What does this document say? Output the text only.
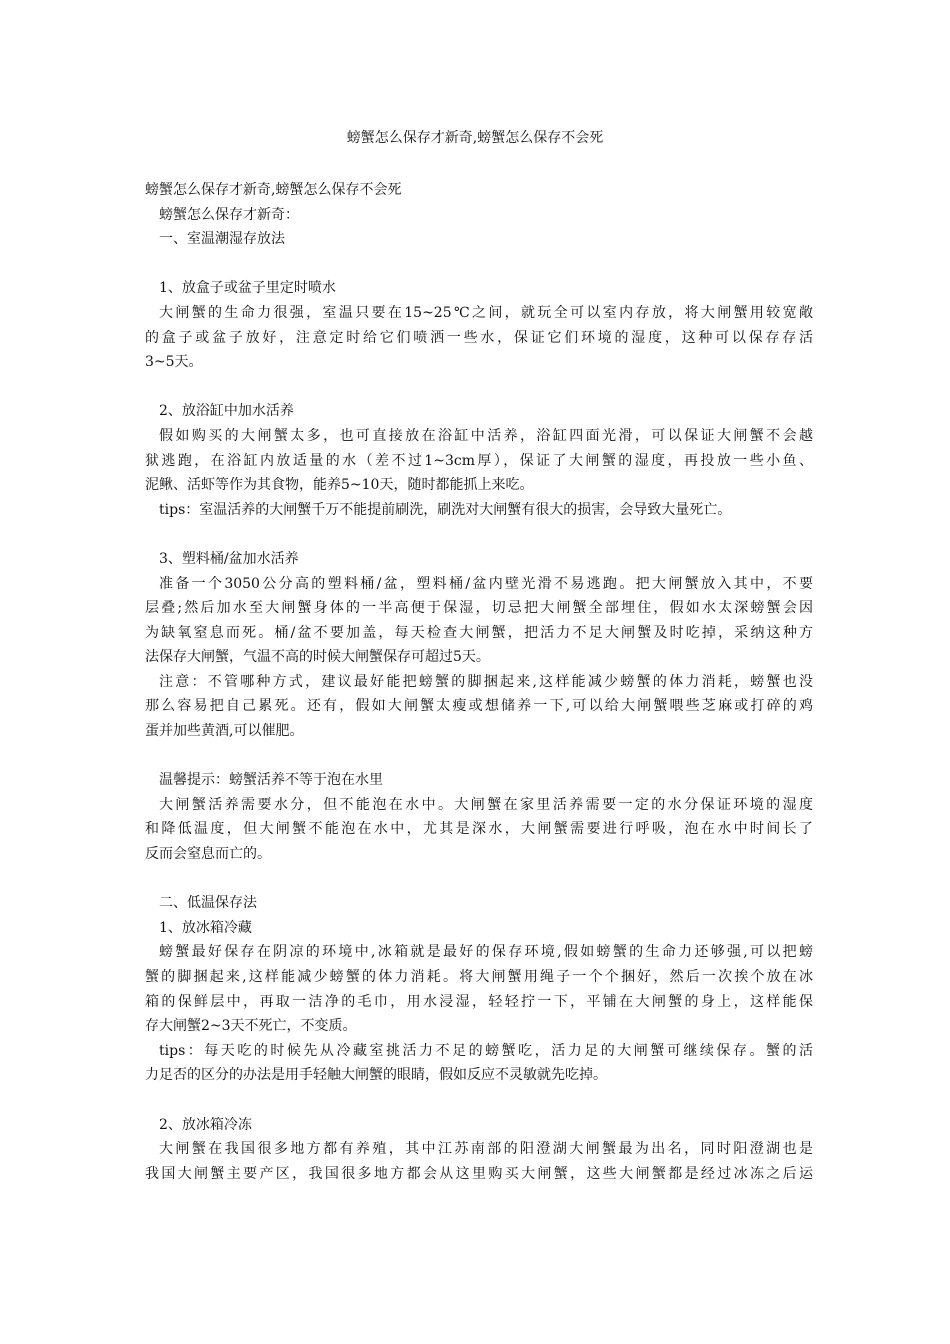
螃蟹怎么保存才新奇,螃蟹怎么保存不会死
螃蟹怎么保存才新奇,螃蟹怎么保存不会死
螃蟹怎么保存才新奇：
一、室温潮湿存放法
1、放盒子或盆子里定时喷水
大闸蟹的生命力很强，室温只要在15~25℃之间，就玩全可以室内存放，将大闸蟹用较宽敞
的盒子或盆子放好，注意定时给它们喷洒一些水，保证它们环境的湿度，这种可以保存存活
3~5天。
2、放浴缸中加水活养
假如购买的大闸蟹太多，也可直接放在浴缸中活养，浴缸四面光滑，可以保证大闸蟹不会越
狱逃跑，在浴缸内放适量的水（差不过1~3cm厚），保证了大闸蟹的湿度，再投放一些小鱼、
泥鳅、活虾等作为其食物，能养5~10天，随时都能抓上来吃。
tips：室温活养的大闸蟹千万不能提前刷洗，刷洗对大闸蟹有很大的损害，会导致大量死亡。
3、塑料桶/盆加水活养
准备一个3050公分高的塑料桶/盆，塑料桶/盆内壁光滑不易逃跑。把大闸蟹放入其中，不要
层叠;然后加水至大闸蟹身体的一半高便于保湿，切忌把大闸蟹全部埋住，假如水太深螃蟹会因
为缺氧窒息而死。桶/盆不要加盖，每天检查大闸蟹，把活力不足大闸蟹及时吃掉，采纳这种方
法保存大闸蟹，气温不高的时候大闸蟹保存可超过5天。
注意：不管哪种方式，建议最好能把螃蟹的脚捆起来,这样能减少螃蟹的体力消耗，螃蟹也没
那么容易把自己累死。还有，假如大闸蟹太瘦或想储养一下,可以给大闸蟹喂些芝麻或打碎的鸡
蛋并加些黄酒,可以催肥。
温馨提示：螃蟹活养不等于泡在水里
大闸蟹活养需要水分，但不能泡在水中。大闸蟹在家里活养需要一定的水分保证环境的湿度
和降低温度，但大闸蟹不能泡在水中，尤其是深水，大闸蟹需要进行呼吸，泡在水中时间长了
反而会窒息而亡的。
二、低温保存法
1、放冰箱冷藏
螃蟹最好保存在阴凉的环境中,冰箱就是最好的保存环境,假如螃蟹的生命力还够强,可以把螃
蟹的脚捆起来,这样能减少螃蟹的体力消耗。将大闸蟹用绳子一个个捆好，然后一次挨个放在冰
箱的保鲜层中，再取一洁净的毛巾，用水浸湿，轻轻拧一下，平铺在大闸蟹的身上，这样能保
存大闸蟹2~3天不死亡，不变质。
tips：每天吃的时候先从冷藏室挑活力不足的螃蟹吃，活力足的大闸蟹可继续保存。蟹的活
力足否的区分的办法是用手轻触大闸蟹的眼睛，假如反应不灵敏就先吃掉。
2、放冰箱冷冻
大闸蟹在我国很多地方都有养殖，其中江苏南部的阳澄湖大闸蟹最为出名，同时阳澄湖也是
我国大闸蟹主要产区，我国很多地方都会从这里购买大闸蟹，这些大闸蟹都是经过冰冻之后运
